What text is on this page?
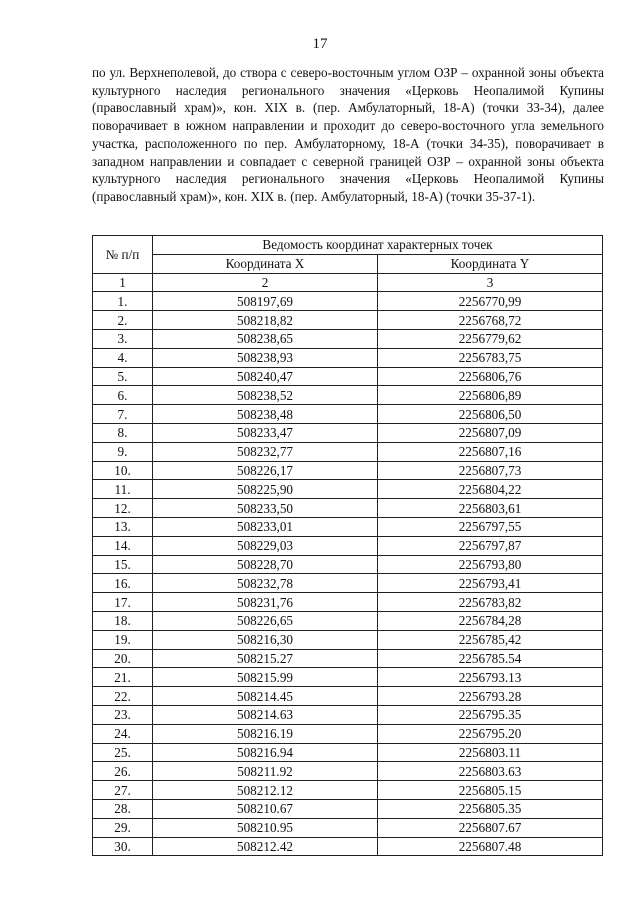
17

по ул. Верхнеполевой, до створа с северо-восточным углом ОЗР – охранной зоны объекта культурного наследия регионального значения «Церковь Неопалимой Купины (православный храм)», кон. XIX в. (пер. Амбулаторный, 18-А) (точки 33-34), далее поворачивает в южном направлении и проходит до северо-восточного угла земельного участка, расположенного по пер. Амбулаторному, 18-А (точки 34-35), поворачивает в западном направлении и совпадает с северной границей ОЗР – охранной зоны объекта культурного наследия регионального значения «Церковь Неопалимой Купины (православный храм)», кон. XIX в. (пер. Амбулаторный, 18-А) (точки 35-37-1).

№ п/п	Ведомость координат характерных точек	
	Координата X	Координата Y
1	2	3
1.	508197,69	2256770,99
2.	508218,82	2256768,72
3.	508238,65	2256779,62
4.	508238,93	2256783,75
5.	508240,47	2256806,76
6.	508238,52	2256806,89
7.	508238,48	2256806,50
8.	508233,47	2256807,09
9.	508232,77	2256807,16
10.	508226,17	2256807,73
11.	508225,90	2256804,22
12.	508233,50	2256803,61
13.	508233,01	2256797,55
14.	508229,03	2256797,87
15.	508228,70	2256793,80
16.	508232,78	2256793,41
17.	508231,76	2256783,82
18.	508226,65	2256784,28
19.	508216,30	2256785,42
20.	508215.27	2256785.54
21.	508215.99	2256793.13
22.	508214.45	2256793.28
23.	508214.63	2256795.35
24.	508216.19	2256795.20
25.	508216.94	2256803.11
26.	508211.92	2256803.63
27.	508212.12	2256805.15
28.	508210.67	2256805.35
29.	508210.95	2256807.67
30.	508212.42	2256807.48
